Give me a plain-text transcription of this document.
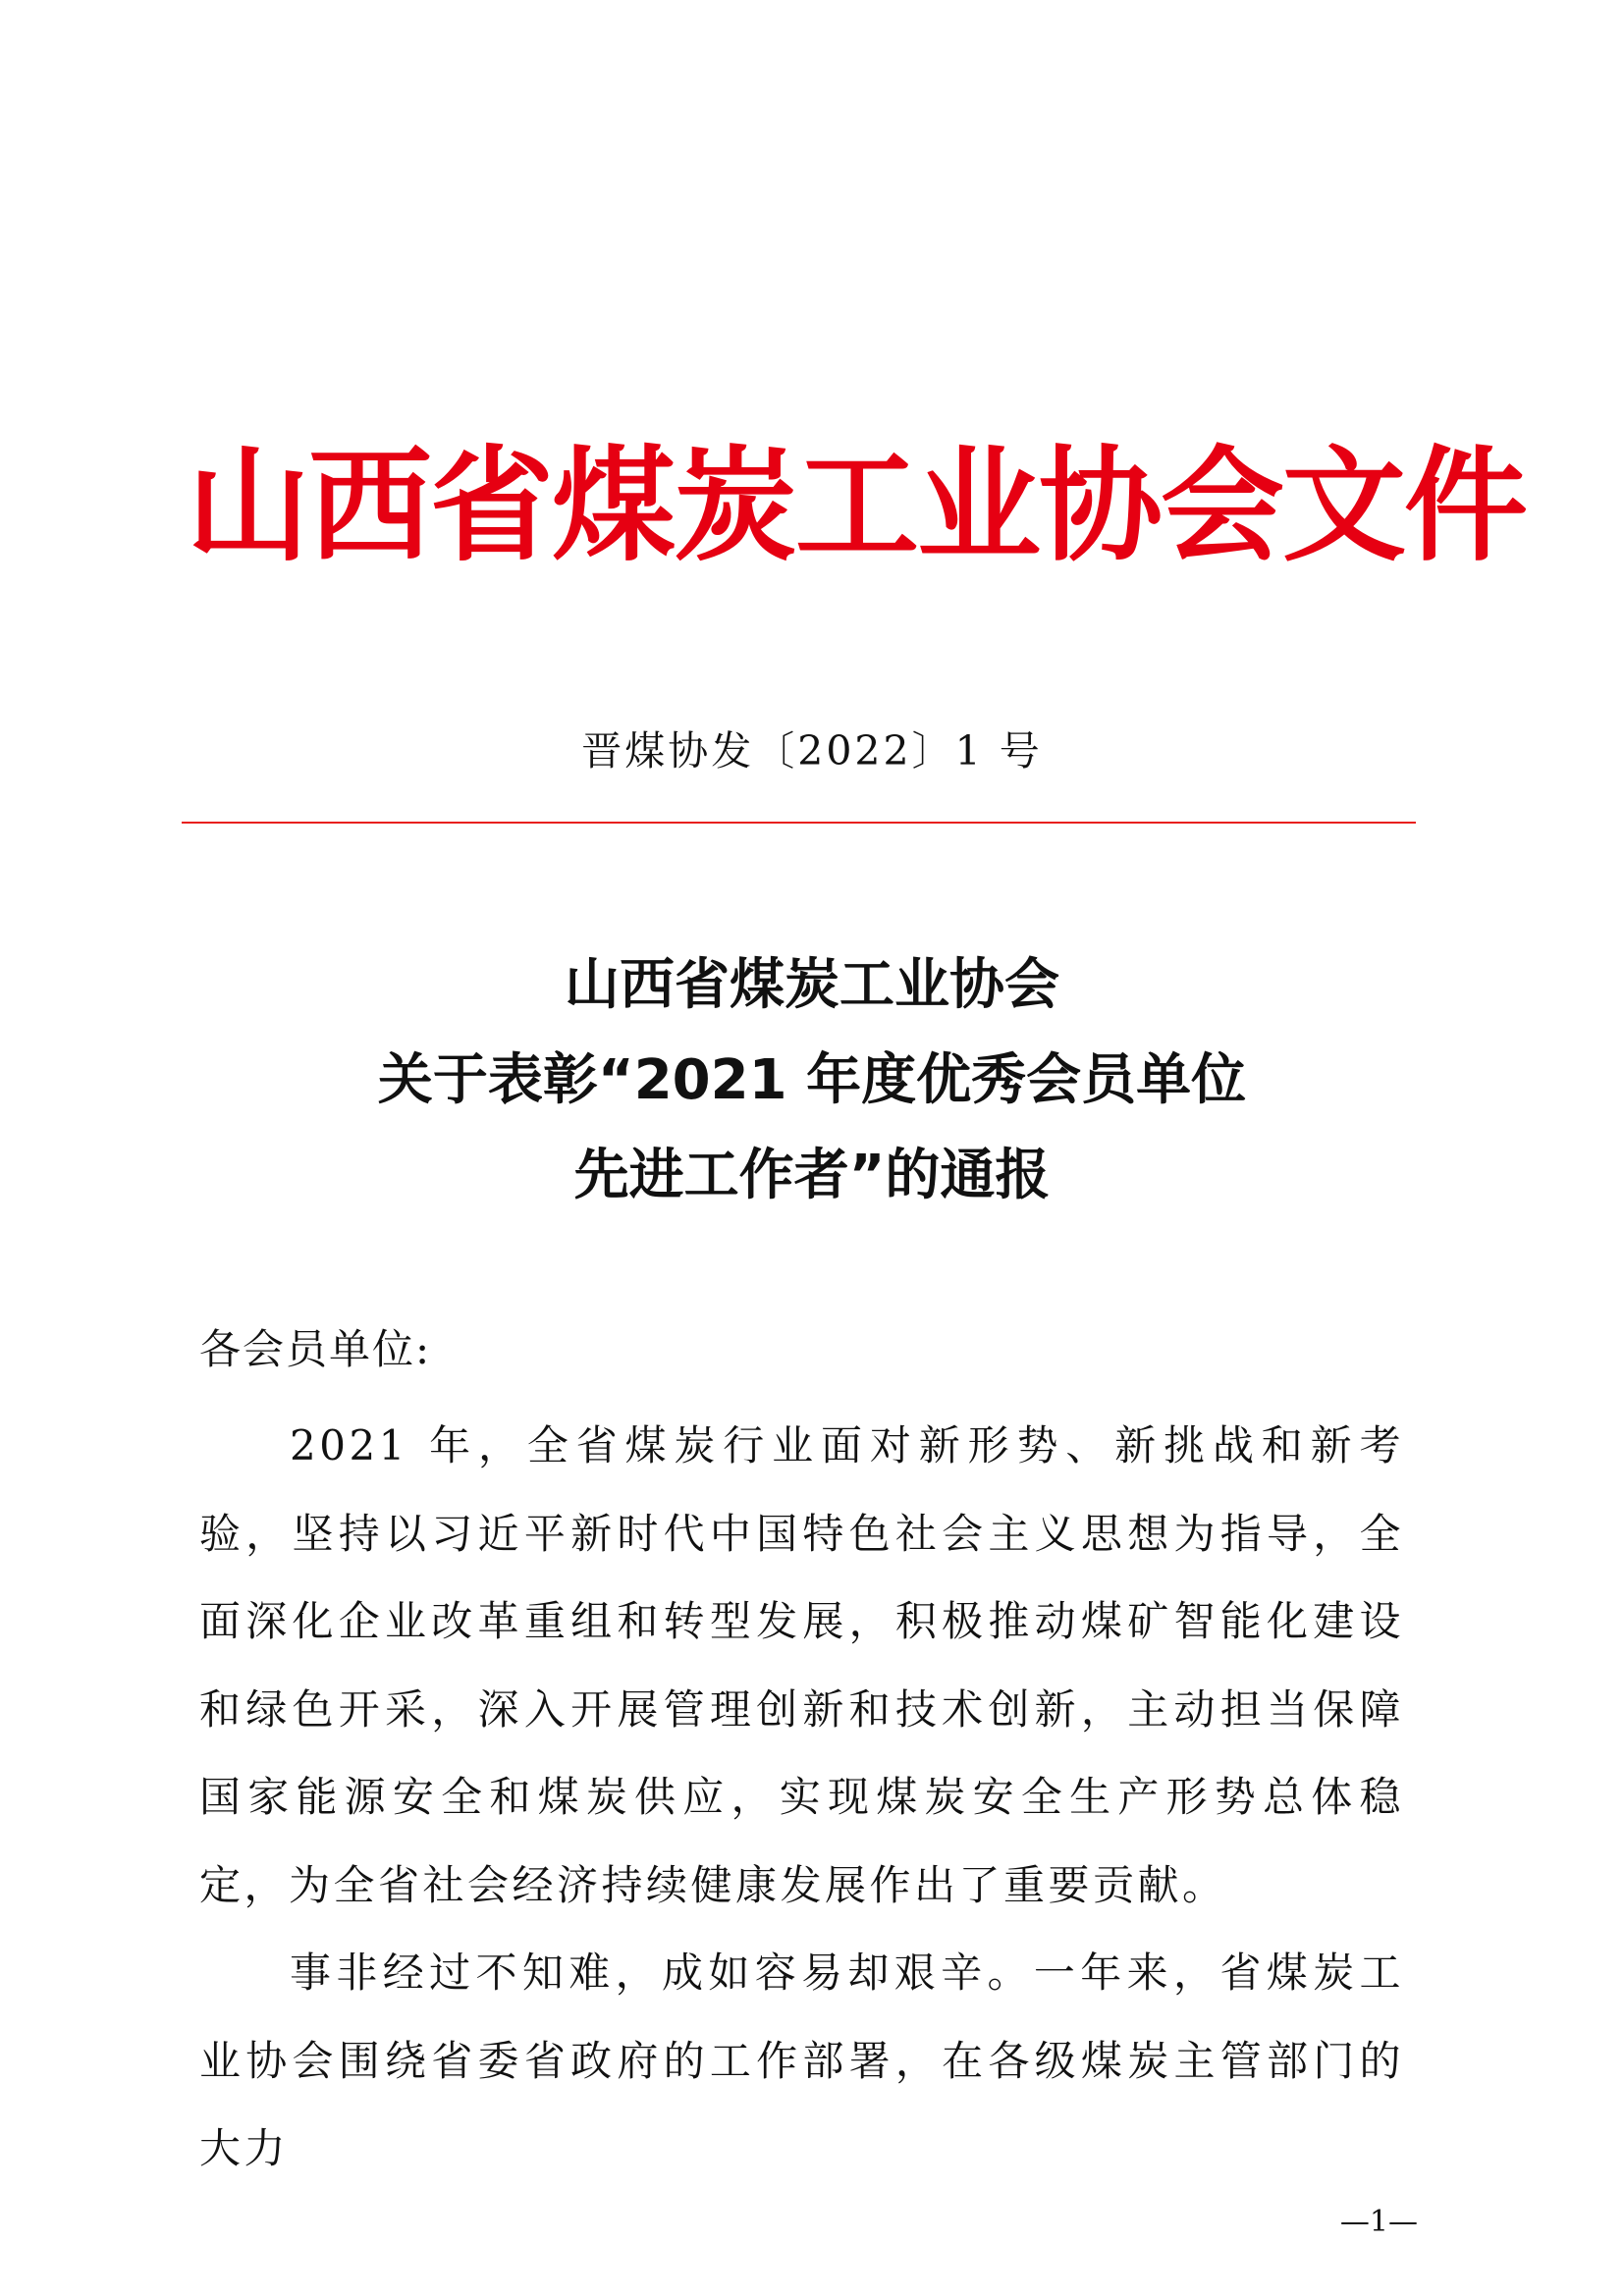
山西省煤炭工业协会文件
晋煤协发〔2022〕1 号
山西省煤炭工业协会
关于表彰“2021 年度优秀会员单位
先进工作者”的通报
各会员单位:

2021 年，全省煤炭行业面对新形势、新挑战和新考验，坚持以习近平新时代中国特色社会主义思想为指导，全面深化企业改革重组和转型发展，积极推动煤矿智能化建设和绿色开采，深入开展管理创新和技术创新，主动担当保障国家能源安全和煤炭供应，实现煤炭安全生产形势总体稳定，为全省社会经济持续健康发展作出了重要贡献。

事非经过不知难，成如容易却艰辛。一年来，省煤炭工业协会围绕省委省政府的工作部署，在各级煤炭主管部门的大力

—1—
